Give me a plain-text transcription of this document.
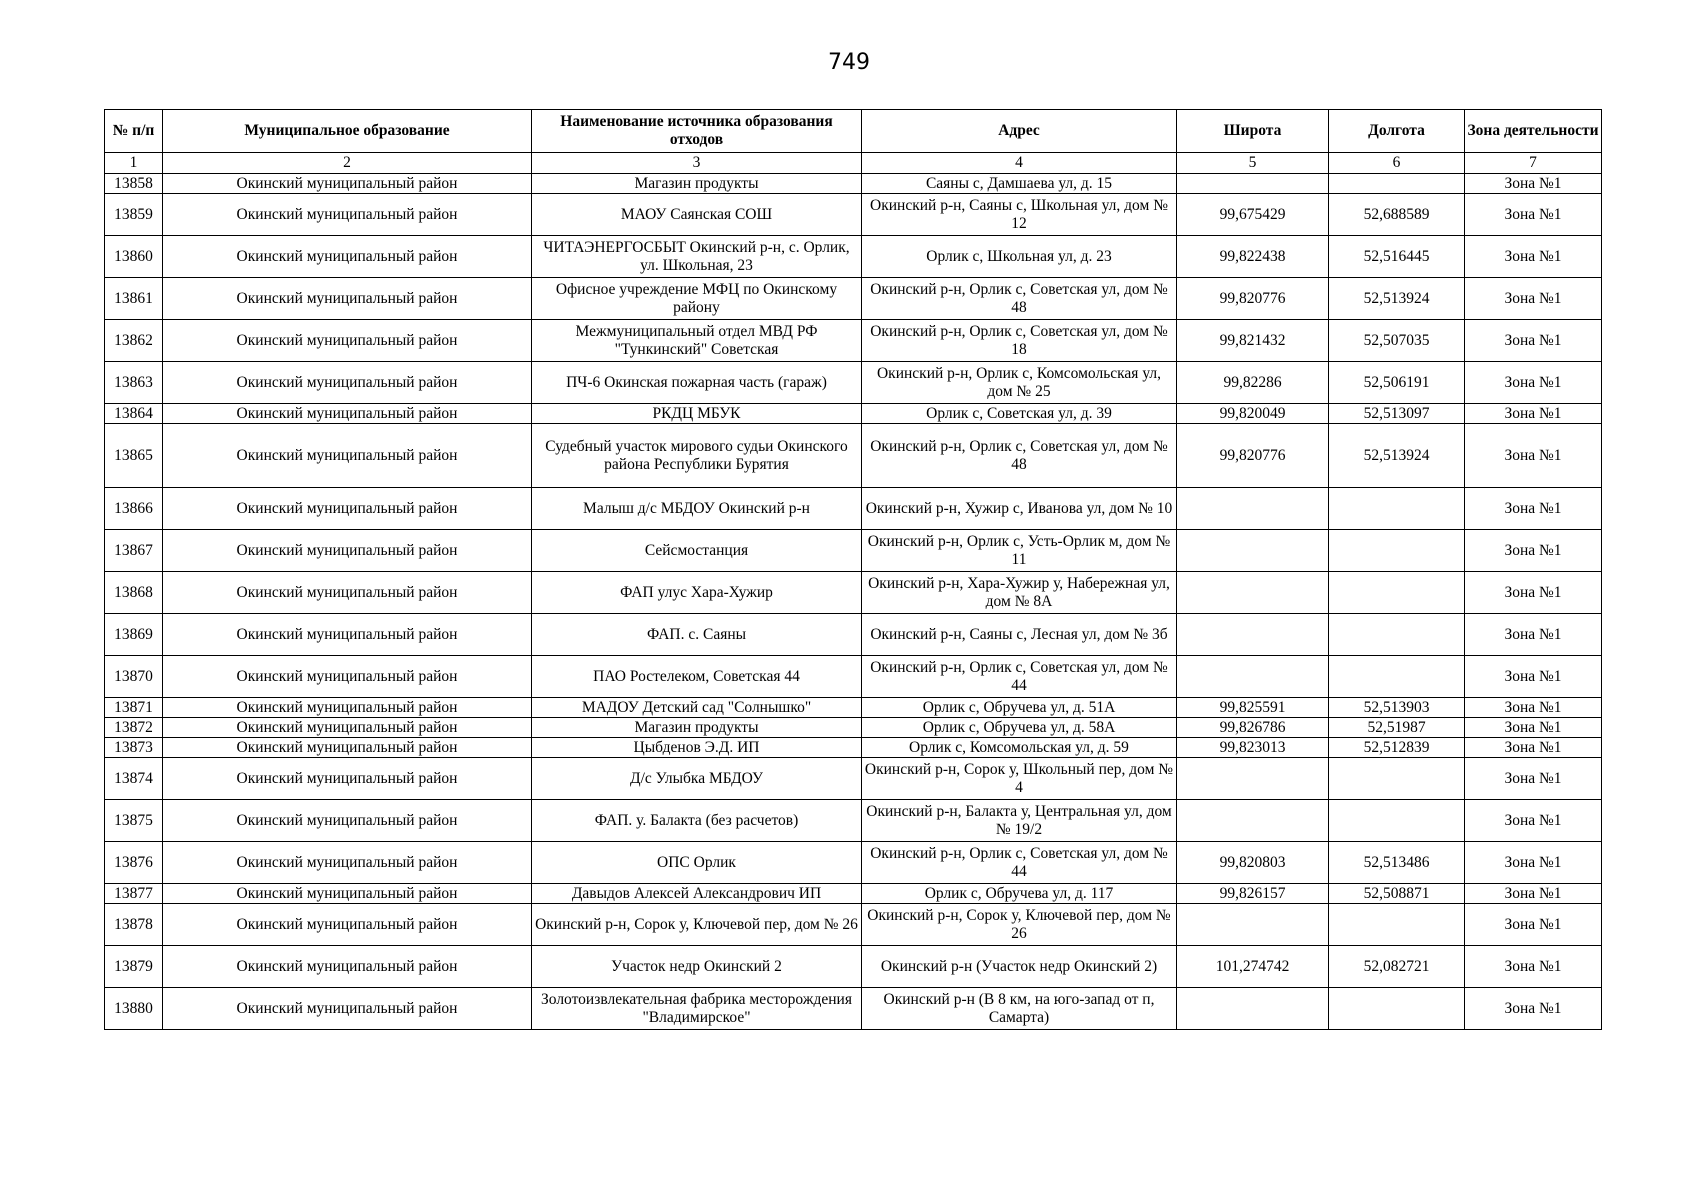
749
№ п/п	Муниципальное образование	Наименование источника образования отходов	Адрес	Широта	Долгота	Зона деятельности
1	2	3	4	5	6	7
13858	Окинский муниципальный район	Магазин продукты	Саяны с, Дамшаева ул, д. 15			Зона №1
13859	Окинский муниципальный район	МАОУ Саянская СОШ	Окинский р-н, Саяны с, Школьная ул, дом № 12	99,675429	52,688589	Зона №1
13860	Окинский муниципальный район	ЧИТАЭНЕРГОСБЫТ Окинский р-н, с. Орлик, ул. Школьная, 23	Орлик с, Школьная ул, д. 23	99,822438	52,516445	Зона №1
13861	Окинский муниципальный район	Офисное учреждение МФЦ по Окинскому району	Окинский р-н, Орлик с, Советская ул, дом № 48	99,820776	52,513924	Зона №1
13862	Окинский муниципальный район	Межмуниципальный отдел МВД РФ "Тункинский" Советская	Окинский р-н, Орлик с, Советская ул, дом № 18	99,821432	52,507035	Зона №1
13863	Окинский муниципальный район	ПЧ-6 Окинская пожарная часть (гараж)	Окинский р-н, Орлик с, Комсомольская ул, дом № 25	99,82286	52,506191	Зона №1
13864	Окинский муниципальный район	РКДЦ МБУК	Орлик с, Советская ул, д. 39	99,820049	52,513097	Зона №1
13865	Окинский муниципальный район	Судебный участок мирового судьи Окинского района Республики Бурятия	Окинский р-н, Орлик с, Советская ул, дом № 48	99,820776	52,513924	Зона №1
13866	Окинский муниципальный район	Малыш д/с МБДОУ Окинский р-н	Окинский р-н, Хужир с, Иванова ул, дом № 10			Зона №1
13867	Окинский муниципальный район	Сейсмостанция	Окинский р-н, Орлик с, Усть-Орлик м, дом № 11			Зона №1
13868	Окинский муниципальный район	ФАП улус Хара-Хужир	Окинский р-н, Хара-Хужир у, Набережная ул, дом № 8А			Зона №1
13869	Окинский муниципальный район	ФАП. с. Саяны	Окинский р-н, Саяны с, Лесная ул, дом № 3б			Зона №1
13870	Окинский муниципальный район	ПАО Ростелеком, Советская 44	Окинский р-н, Орлик с, Советская ул, дом № 44			Зона №1
13871	Окинский муниципальный район	МАДОУ Детский сад "Солнышко"	Орлик с, Обручева ул, д. 51А	99,825591	52,513903	Зона №1
13872	Окинский муниципальный район	Магазин продукты	Орлик с, Обручева ул, д. 58А	99,826786	52,51987	Зона №1
13873	Окинский муниципальный район	Цыбденов Э.Д. ИП	Орлик с, Комсомольская ул, д. 59	99,823013	52,512839	Зона №1
13874	Окинский муниципальный район	Д/с Улыбка МБДОУ	Окинский р-н, Сорок у, Школьный пер, дом № 4			Зона №1
13875	Окинский муниципальный район	ФАП. у. Балакта (без расчетов)	Окинский р-н, Балакта у, Центральная ул, дом № 19/2			Зона №1
13876	Окинский муниципальный район	ОПС Орлик	Окинский р-н, Орлик с, Советская ул, дом № 44	99,820803	52,513486	Зона №1
13877	Окинский муниципальный район	Давыдов Алексей Александрович ИП	Орлик с, Обручева ул, д. 117	99,826157	52,508871	Зона №1
13878	Окинский муниципальный район	Окинский р-н, Сорок у, Ключевой пер, дом № 26	Окинский р-н, Сорок у, Ключевой пер, дом № 26			Зона №1
13879	Окинский муниципальный район	Участок недр Окинский 2	Окинский р-н (Участок недр Окинский 2)	101,274742	52,082721	Зона №1
13880	Окинский муниципальный район	Золотоизвлекательная фабрика месторождения "Владимирское"	Окинский р-н (В 8 км, на юго-запад от п, Самарта)			Зона №1
